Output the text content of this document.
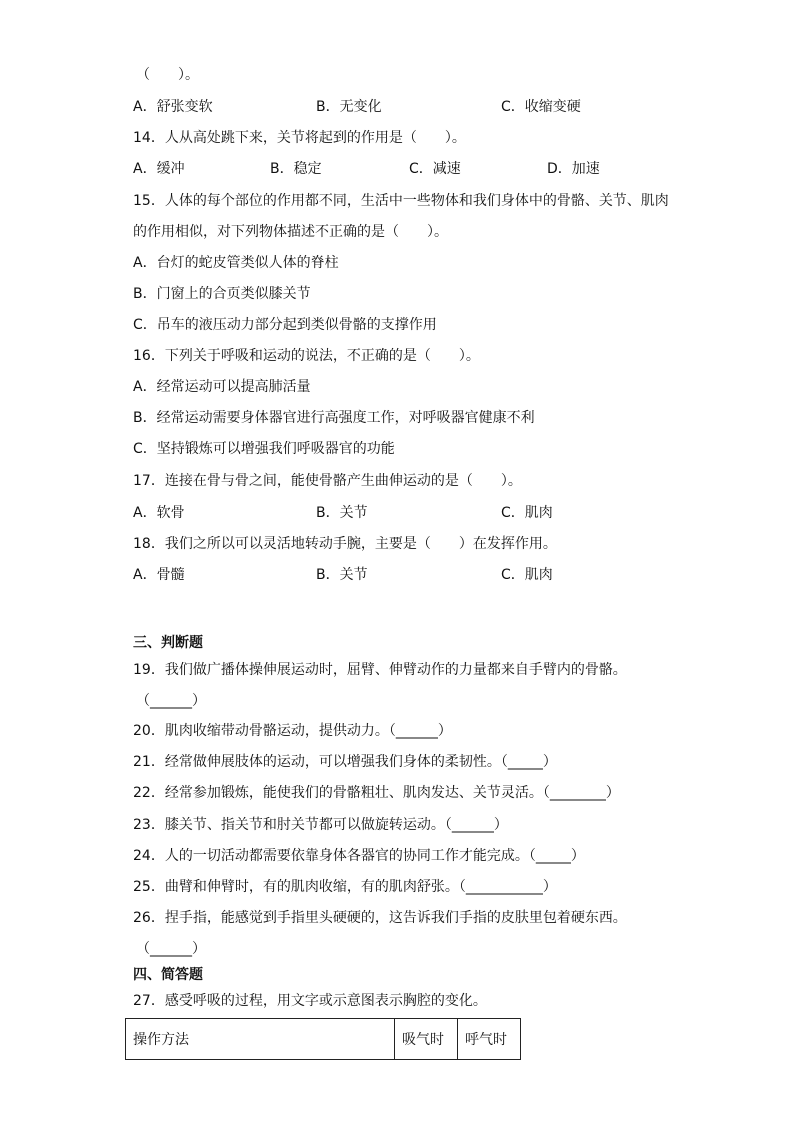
（　　）。
A．舒张变软	B．无变化	C．收缩变硬
14．人从高处跳下来，关节将起到的作用是（　　）。
A．缓冲	B．稳定	C．减速	D．加速
15．人体的每个部位的作用都不同，生活中一些物体和我们身体中的骨骼、关节、肌肉
的作用相似，对下列物体描述不正确的是（　　）。
A．台灯的蛇皮管类似人体的脊柱
B．门窗上的合页类似膝关节
C．吊车的液压动力部分起到类似骨骼的支撑作用
16．下列关于呼吸和运动的说法，不正确的是（　　）。
A．经常运动可以提高肺活量
B．经常运动需要身体器官进行高强度工作，对呼吸器官健康不利
C．坚持锻炼可以增强我们呼吸器官的功能
17．连接在骨与骨之间，能使骨骼产生曲伸运动的是（　　）。
A．软骨	B．关节	C．肌肉
18．我们之所以可以灵活地转动手腕，主要是（　　）在发挥作用。
A．骨髓	B．关节	C．肌肉
三、判断题
19．我们做广播体操伸展运动时，屈臂、伸臂动作的力量都来自手臂内的骨骼。
（______）
20．肌肉收缩带动骨骼运动，提供动力。（______）
21．经常做伸展肢体的运动，可以增强我们身体的柔韧性。（_____）
22．经常参加锻炼，能使我们的骨骼粗壮、肌肉发达、关节灵活。（________）
23．膝关节、指关节和肘关节都可以做旋转运动。（______）
24．人的一切活动都需要依靠身体各器官的协同工作才能完成。（_____）
25．曲臂和伸臂时，有的肌肉收缩，有的肌肉舒张。（___________）
26．捏手指，能感觉到手指里头硬硬的，这告诉我们手指的皮肤里包着硬东西。
（______）
四、简答题
27．感受呼吸的过程，用文字或示意图表示胸腔的变化。
操作方法	吸气时	呼气时
